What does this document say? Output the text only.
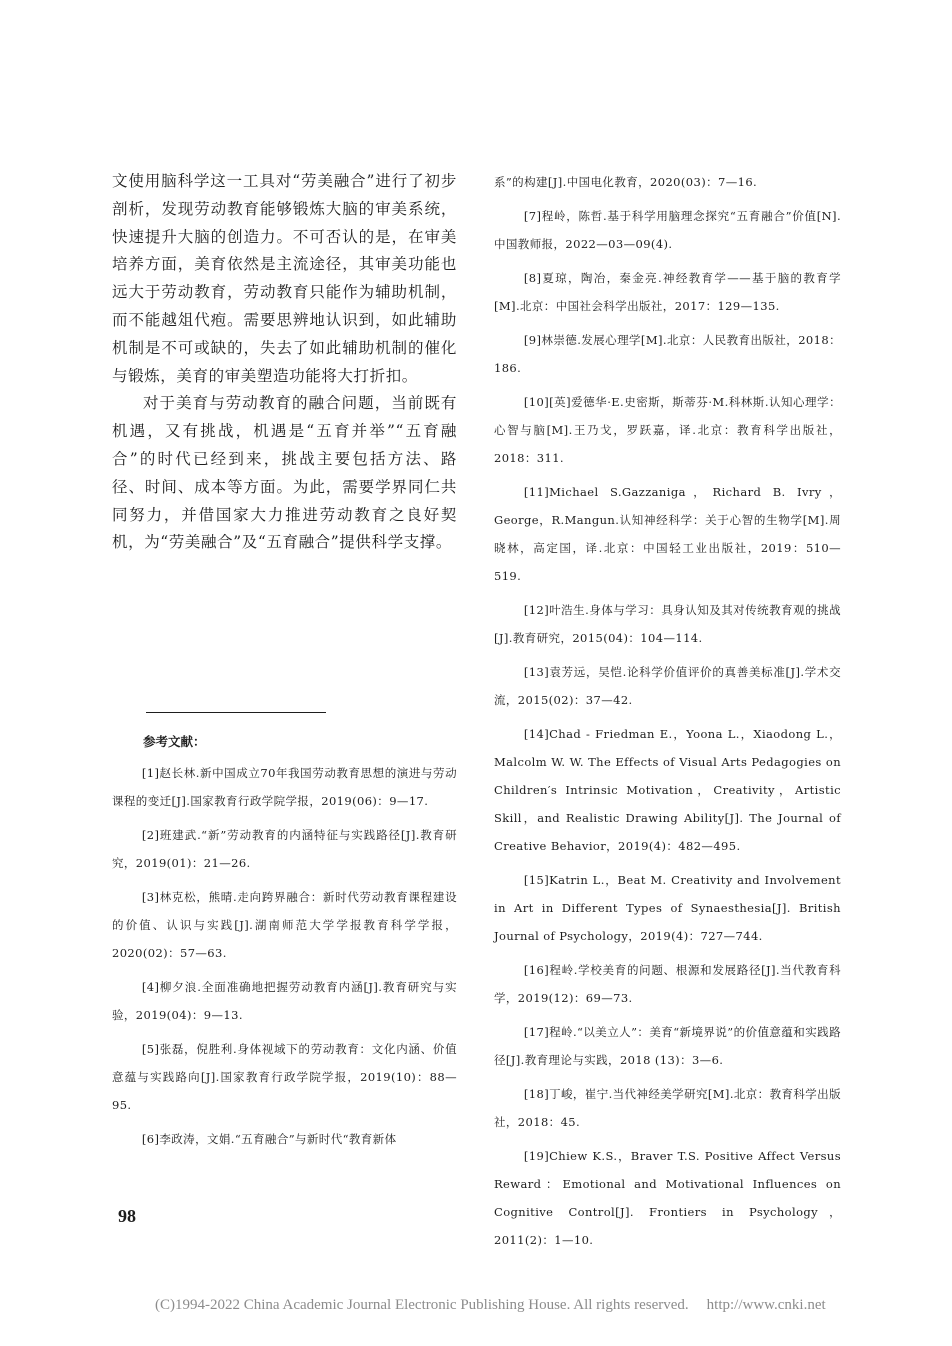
文使用脑科学这一工具对“劳美融合”进行了初步剖析，发现劳动教育能够锻炼大脑的审美系统，快速提升大脑的创造力。不可否认的是，在审美培养方面，美育依然是主流途径，其审美功能也远大于劳动教育，劳动教育只能作为辅助机制，而不能越俎代疱。需要思辨地认识到，如此辅助机制是不可或缺的，失去了如此辅助机制的催化与锻炼，美育的审美塑造功能将大打折扣。

对于美育与劳动教育的融合问题，当前既有机遇，又有挑战，机遇是“五育并举”“五育融合”的时代已经到来，挑战主要包括方法、路径、时间、成本等方面。为此，需要学界同仁共同努力，并借国家大力推进劳动教育之良好契机，为“劳美融合”及“五育融合”提供科学支撑。

参考文献：

[1]赵长林.新中国成立70年我国劳动教育思想的演进与劳动课程的变迁[J].国家教育行政学院学报，2019(06)：9—17.

[2]班建武.“新”劳动教育的内涵特征与实践路径[J].教育研究，2019(01)：21—26.

[3]林克松，熊晴.走向跨界融合：新时代劳动教育课程建设的价值、认识与实践[J].湖南师范大学学报教育科学学报，2020(02)：57—63.

[4]柳夕浪.全面准确地把握劳动教育内涵[J].教育研究与实验，2019(04)：9—13.

[5]张磊，倪胜利.身体视域下的劳动教育：文化内涵、价值意蕴与实践路向[J].国家教育行政学院学报，2019(10)：88—95.

[6]李政涛，文娟.“五育融合”与新时代“教育新体

系”的构建[J].中国电化教育，2020(03)：7—16.

[7]程岭，陈哲.基于科学用脑理念探究“五育融合”价值[N].中国教师报，2022—03—09(4).

[8]夏琼，陶冶，秦金亮.神经教育学——基于脑的教育学[M].北京：中国社会科学出版社，2017：129—135.

[9]林崇德.发展心理学[M].北京：人民教育出版社，2018：186.

[10][英]爱德华·E.史密斯，斯蒂芬·M.科林斯.认知心理学：心智与脑[M].王乃戈，罗跃嘉，译.北京：教育科学出版社，2018：311.

[11]Michael S.Gazzaniga，Richard B. Ivry，George，R.Mangun.认知神经科学：关于心智的生物学[M].周晓林，高定国，译.北京：中国轻工业出版社，2019：510—519.

[12]叶浩生.身体与学习：具身认知及其对传统教育观的挑战[J].教育研究，2015(04)：104—114.

[13]袁芳远，吴恺.论科学价值评价的真善美标准[J].学术交流，2015(02)：37—42.

[14]Chad - Friedman E.，Yoona L.，Xiaodong L.，Malcolm W. W. The Effects of Visual Arts Pedagogies on Children′s Intrinsic Motivation，Creativity，Artistic Skill，and Realistic Drawing Ability[J]. The Journal of Creative Behavior，2019(4)：482—495.

[15]Katrin L.，Beat M. Creativity and Involvement in Art in Different Types of Synaesthesia[J]. British Journal of Psychology，2019(4)：727—744.

[16]程岭.学校美育的问题、根源和发展路径[J].当代教育科学，2019(12)：69—73.

[17]程岭.“以美立人”：美育“新境界说”的价值意蕴和实践路径[J].教育理论与实践，2018 (13)：3—6.

[18]丁峻，崔宁.当代神经美学研究[M].北京：教育科学出版社，2018：45.

[19]Chiew K.S.，Braver T.S. Positive Affect Versus Reward：Emotional and Motivational Influences on Cognitive Control[J]. Frontiers in Psychology，2011(2)：1—10.

98
(C)1994-2022 China Academic Journal Electronic Publishing House. All rights reserved. http://www.cnki.net
